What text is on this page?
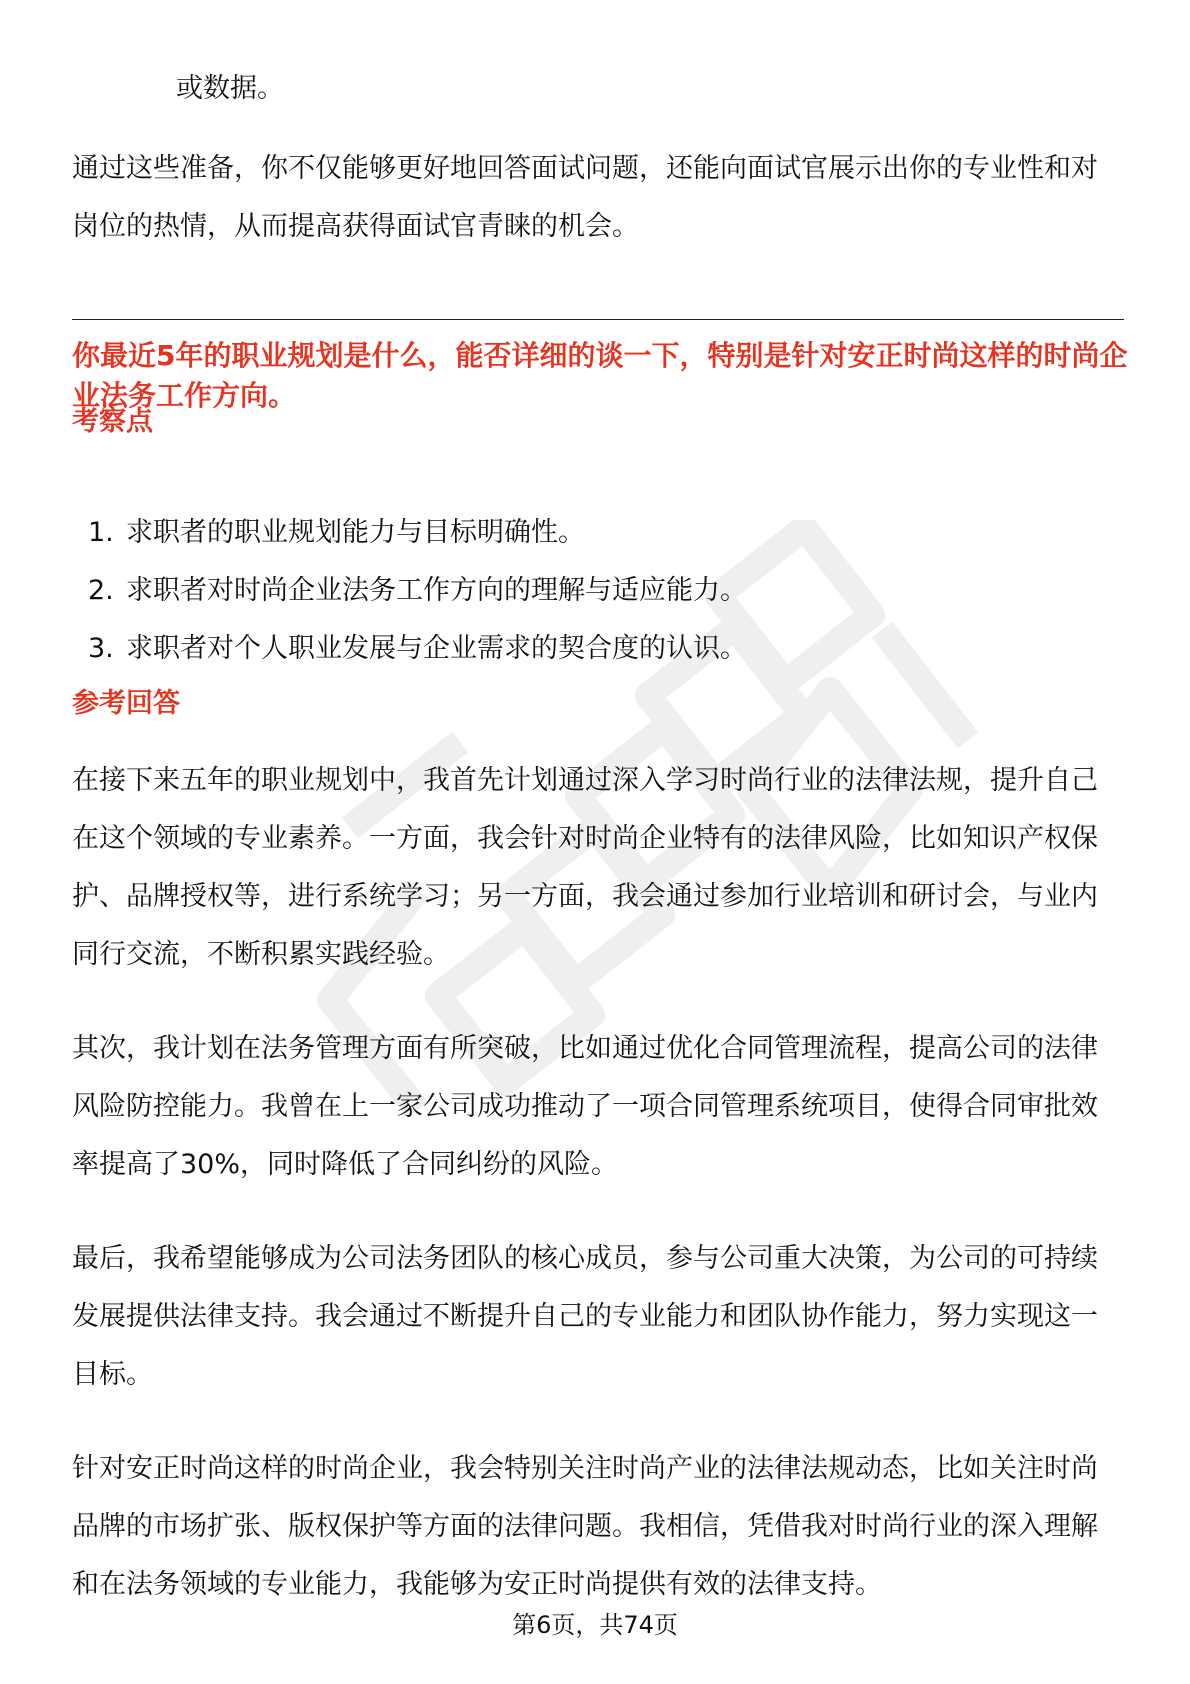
或数据。

通过这些准备，你不仅能够更好地回答面试问题，还能向面试官展示出你的专业性和对岗位的热情，从而提高获得面试官青睐的机会。

你最近5年的职业规划是什么，能否详细的谈一下，特别是针对安正时尚这样的时尚企业法务工作方向。

考察点

1. 求职者的职业规划能力与目标明确性。
2. 求职者对时尚企业法务工作方向的理解与适应能力。
3. 求职者对个人职业发展与企业需求的契合度的认识。

参考回答

在接下来五年的职业规划中，我首先计划通过深入学习时尚行业的法律法规，提升自己在这个领域的专业素养。一方面，我会针对时尚企业特有的法律风险，比如知识产权保护、品牌授权等，进行系统学习；另一方面，我会通过参加行业培训和研讨会，与业内同行交流，不断积累实践经验。

其次，我计划在法务管理方面有所突破，比如通过优化合同管理流程，提高公司的法律风险防控能力。我曾在上一家公司成功推动了一项合同管理系统项目，使得合同审批效率提高了30%，同时降低了合同纠纷的风险。

最后，我希望能够成为公司法务团队的核心成员，参与公司重大决策，为公司的可持续发展提供法律支持。我会通过不断提升自己的专业能力和团队协作能力，努力实现这一目标。

针对安正时尚这样的时尚企业，我会特别关注时尚产业的法律法规动态，比如关注时尚品牌的市场扩张、版权保护等方面的法律问题。我相信，凭借我对时尚行业的深入理解和在法务领域的专业能力，我能够为安正时尚提供有效的法律支持。

第6页，共74页
